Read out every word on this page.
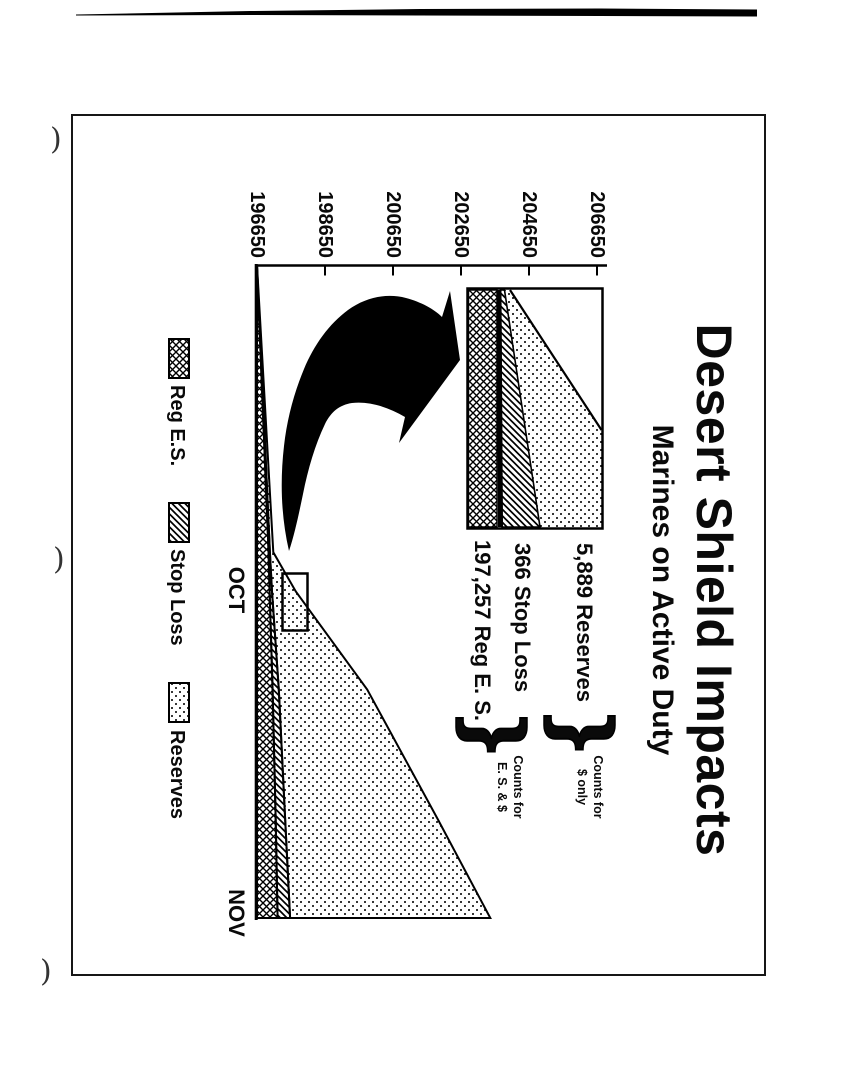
)
)
)
Desert Shield Impacts
Marines on Active Duty
196650 198650 200650 202650 204650 206650
OCT
NOV
5,889 Reserves
366 Stop Loss
197,257 Reg E. S.
}
}
Counts for
$ only
Counts for
E. S. & $
Reg E.S.
Stop Loss
Reserves
